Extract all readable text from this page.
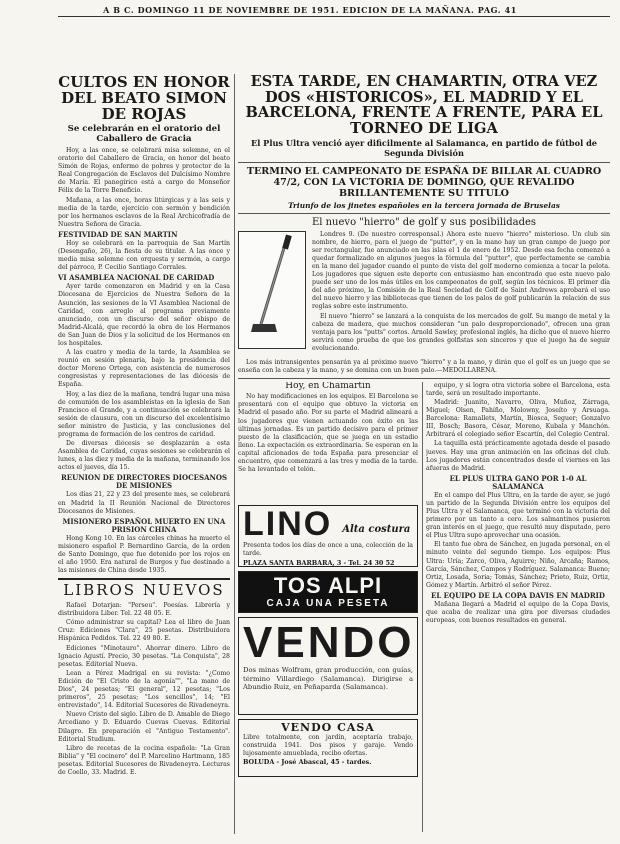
A B C. DOMINGO 11 DE NOVIEMBRE DE 1951. EDICION DE LA MAÑANA. PAG. 41
CULTOS EN HONOR DEL BEATO SIMON DE ROJAS
Se celebrarán en el oratorio del Caballero de Gracia

Hoy, a las once, se celebrará misa solemne, en el oratorio del Caballero de Gracia, en honor del beato Simón de Rojas, enfermo de pobres y protector de la Real Congregación de Esclavos del Dulcísimo Nombre de María. El panegírico está a cargo de Monseñor Félix de la Torre Beneficio.

Mañana, a las once, horas litúrgicas y a las seis y media de la tarde, ejercicio con sermón y bendición por los hermanos esclavos de la Real Archicofradía de Nuestra Señora de Gracia.

FESTIVIDAD DE SAN MARTIN

Hoy se celebrará en la parroquia de San Martín (Desengaño, 26), la fiesta de su titular. A las once y media misa solemne con orquesta y sermón, a cargo del párroco, P. Cecilio Santiago Corrales.

VI ASAMBLEA NACIONAL DE CARIDAD

Ayer tarde comenzaron en Madrid y en la Casa Diocesana de Ejercicios de Nuestra Señora de la Asunción, las sesiones de la VI Asamblea Nacional de Caridad, con arreglo al programa previamente anunciado, con un discurso del señor obispo de Madrid-Alcalá, que recordó la obra de los Hermanos de San Juan de Dios y la solicitud de los Hermanos en los hospitales.

A las cuatro y media de la tarde, la Asamblea se reunió en sesión plenaria, bajo la presidencia del doctor Moreno Ortega, con asistencia de numerosos congresistas y representaciones de las diócesis de España.

Hoy, a las diez de la mañana, tendrá lugar una misa de comunión de los asambleístas en la iglesia de San Francisco el Grande, y a continuación se celebrará la sesión de clausura, con un discurso del excelentísimo señor ministro de Justicia, y las conclusiones del programa de formación de los centros de caridad.

De diversas diócesis se desplazarán a esta Asamblea de Caridad, cuyas sesiones se celebrarán el lunes, a las diez y media de la mañana, terminando los actos el jueves, día 15.

REUNION DE DIRECTORES DIOCESANOS DE MISIONES

Los días 21, 22 y 23 del presente mes, se celebrará en Madrid la II Reunión Nacional de Directores Diocesanos de Misiones.

MISIONERO ESPAÑOL MUERTO EN UNA PRISION CHINA

Hong Kong 10. En las cárceles chinas ha muerto el misionero español P. Bernardino García, de la orden de Santo Domingo, que fue detenido por los rojos en el año 1950. Era natural de Burgos y fue destinado a las misiones de China desde 1935.

LIBROS NUEVOS

Rafael Dotarjan: "Perseu". Poesías. Librería y distribuidora Liber. Tel. 22 48 05. E.

Cómo administrar su capital? Lea el libro de Juan Cruz: Ediciones "Clara", 25 pesetas. Distribuidora Hispánica Pedidos. Tel. 22 49 80. E.

Ediciones "Minotauro". Ahorrar dinero. Libro de Ignacio Agustí. Precio, 30 pesetas. "La Conquista", 28 pesetas. Editorial Nueva.

Lean a Pérez Madrigal en su revista: "¿Como Edición de "El Cristo de la agonía"", "La mano de Dios", 24 pesetas; "El general", 12 pesetas; "Los primeros", 25 pesetas; "Los sencillos", 14; "El entrevistado", 14. Editorial Sucesores de Rivadeneyra.

Nuevo Cristo del siglo. Libro de D. Amable de Diego Arcediano y D. Eduardo Cuevas Cuevas. Editorial Dilagro. En preparación el "Antiguo Testamento". Editorial Studium.

Libro de recetas de la cocina española: "La Gran Biblia" y "El cocinero" del P. Marcelino Hartmann, 185 pesetas. Editorial Sucesores de Rivadeneyra. Lecturas de Coello, 33. Madrid. E.

ESTA TARDE, EN CHAMARTIN, OTRA VEZ DOS «HISTORICOS», EL MADRID Y EL BARCELONA, FRENTE A FRENTE, PARA EL TORNEO DE LIGA
El Plus Ultra venció ayer dificilmente al Salamanca, en partido de fútbol de Segunda División
TERMINO EL CAMPEONATO DE ESPAÑA DE BILLAR AL CUADRO 47/2, CON LA VICTORIA DE DOMINGO, QUE REVALIDO BRILLANTEMENTE SU TITULO
Triunfo de los jinetes españoles en la tercera jornada de Bruselas
El nuevo "hierro" de golf y sus posibilidades

Londres 9. (De nuestro corresponsal.) Ahora este nuevo "hierro" misterioso. Un club sin nombre, de hierro, para el juego de "putter", y en la mano hay un gran campo de juego por ser rectangular, fue anunciado en las islas el 1 de enero de 1952. Desde esa fecha comenzó a quedar formalizado en algunos juegos la fórmula del "putter", que perfectamente se cambia en la mano del jugador cuando el punto de vista del golf moderno comienza a tocar la pelota. Los jugadores que siguen este deporte con entusiasmo han encontrado que este nuevo palo puede ser uno de los más útiles en los campeonatos de golf, según los técnicos. El primer día del año próximo, la Comisión de la Real Sociedad de Golf de Saint Andrews aprobará el uso del nuevo hierro y las bibliotecas que tienen de los palos de golf publicarán la relación de sus reglas sobre este instrumento.

El nuevo "hierro" se lanzará a la conquista de los mercados de golf. Su mango de metal y la cabeza de madera, que muchos consideran "un palo desproporcionado", ofrecen una gran ventaja para los "putts" cortos. Arnold Sawley, profesional inglés, ha dicho que el nuevo hierro servirá como prueba de que los grandes golfistas son sinceros y que el juego ha de seguir evolucionando.

Los más intransigentes pensarán ya al próximo nuevo "hierro" y a la mano, y dirán que el golf es un juego que se enseña con la cabeza y la mano, y se domina con un buen palo.—MEDOLLARENA.

Hoy, en Chamartín

No hay modificaciones en los equipos. El Barcelona se presentará con el equipo que obtuvo la victoria en Madrid el pasado año. Por su parte el Madrid alineará a los jugadores que vienen actuando con éxito en las últimas jornadas. Es un partido decisivo para el primer puesto de la clasificación, que se juega en un estadio lleno. La expectación es extraordinaria. Se esperan en la capital aficionados de toda España para presenciar el encuentro, que comenzará a las tres y media de la tarde. Se ha levantado el telón.

LINO Alta costura
Presenta todos los días de once a una, colección de la tarde.
PLAZA SANTA BARBARA, 3 - Tel. 24 30 52
TOS ALPI
CAJA UNA PESETA
VENDO
Dos minas Wolfram, gran producción, con guías, término Villardiego (Salamanca). Dirigirse a Abundio Ruiz, en Peñaparda (Salamanca).
VENDO CASA
Libre totalmente, con jardín, aceptaría trabajo, construida 1941. Dos pisos y garaje. Vendo lujosamente amueblada, recibo ofertas.
BOLUDA - José Abascal, 45 - tardes.

equipo, y si logra otra victoria sobre el Barcelona, esta tarde, será un resultado importante.

Madrid: Juanito, Navarro, Oliva, Muñoz, Zárraga, Miguel; Olsen, Pahíño, Molowny, Joseíto y Arsuaga. Barcelona: Ramallets, Martín, Biosca, Seguer; Gonzalvo III, Bosch; Basora, César, Moreno, Kubala y Manchón. Arbitrará el colegiado señor Escartín, del Colegio Central.

La taquilla está prácticamente agotada desde el pasado jueves. Hay una gran animación en las oficinas del club. Los jugadores están concentrados desde el viernes en las afueras de Madrid.

EL PLUS ULTRA GANO POR 1-0 AL SALAMANCA

En el campo del Plus Ultra, en la tarde de ayer, se jugó un partido de la Segunda División entre los equipos del Plus Ultra y el Salamanca, que terminó con la victoria del primero por un tanto a cero. Los salmantinos pusieron gran interés en el juego, que resultó muy disputado, pero el Plus Ultra supo aprovechar una ocasión.

El tanto fue obra de Sánchez, en jugada personal, en el minuto veinte del segundo tiempo. Los equipos: Plus Ultra: Uría; Zarco, Oliva, Aguirre; Niño, Arcaña; Ramos, García, Sánchez, Campos y Rodríguez. Salamanca: Bueno; Ortiz, Losada, Soria; Tomás, Sánchez; Prieto, Ruiz, Ortiz, Gómez y Martín. Arbitró el señor Pérez.

EL EQUIPO DE LA COPA DAVIS EN MADRID

Mañana llegará a Madrid el equipo de la Copa Davis, que acaba de realizar una gira por diversas ciudades europeas, con buenos resultados en general.
